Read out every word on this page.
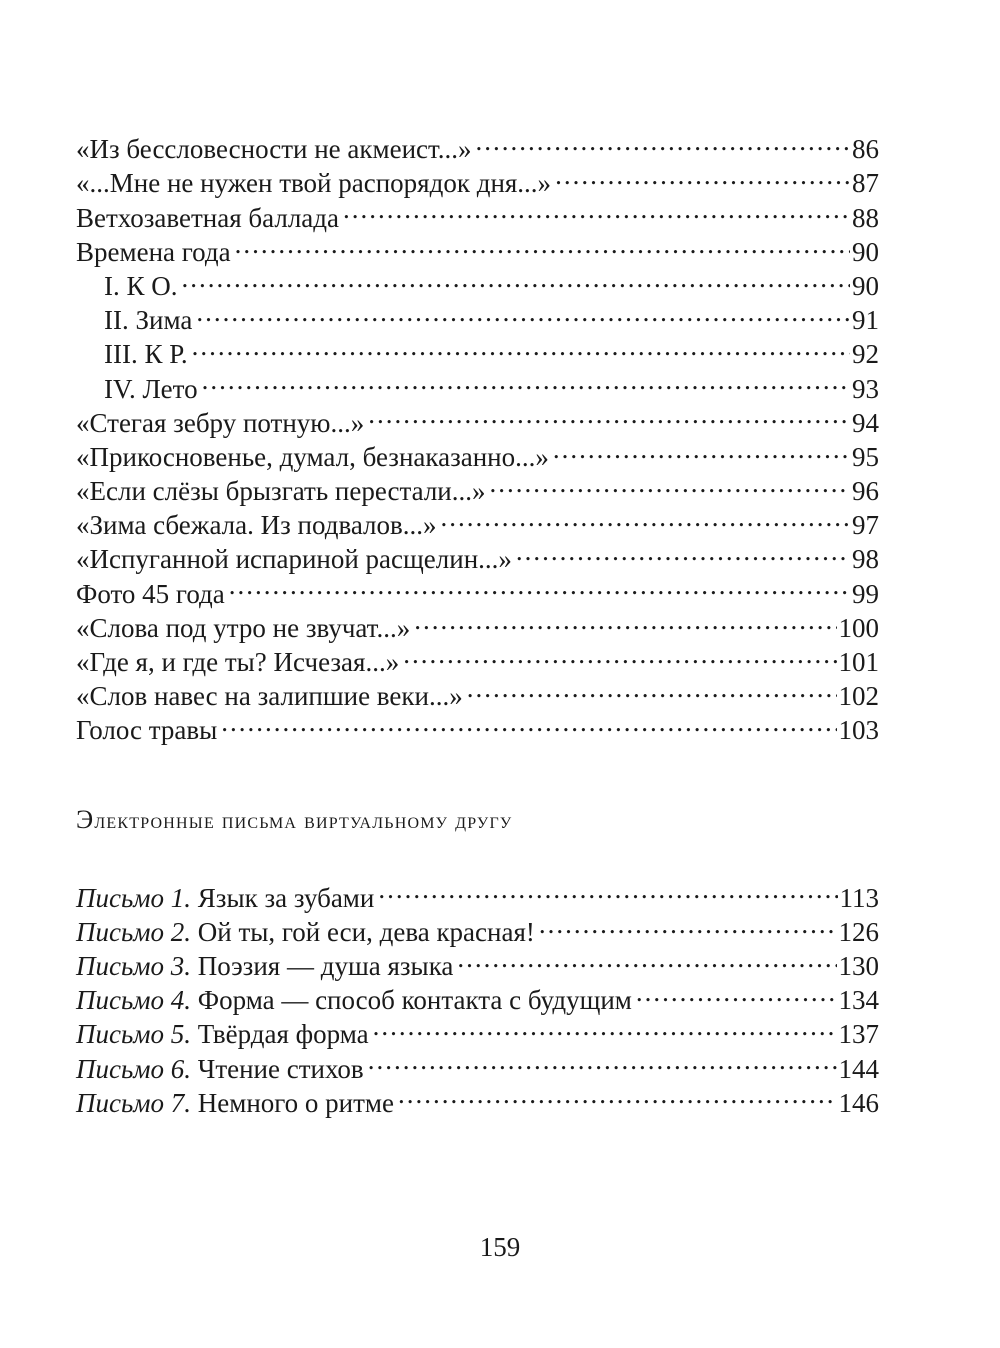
«Из бессловесности не акмеист...» .....	86
«...Мне не нужен твой распорядок дня...» .....	87
Ветхозаветная баллада .....	88
Времена года .....	90
I. К О. .....	90
II. Зима .....	91
III. К Р. .....	92
IV. Лето .....	93
«Стегая зебру потную...» .....	94
«Прикосновенье, думал, безнаказанно...» .....	95
«Если слёзы брызгать перестали...» .....	96
«Зима сбежала. Из подвалов...» .....	97
«Испуганной испариной расщелин...» .....	98
Фото 45 года .....	99
«Слова под утро не звучат...» .....	100
«Где я, и где ты? Исчезая...» .....	101
«Слов навес на залипшие веки...» .....	102
Голос травы .....	103
Электронные письма виртуальному другу
Письмо 1. Язык за зубами .....	113
Письмо 2. Ой ты, гой еси, дева красная! .....	126
Письмо 3. Поэзия — душа языка .....	130
Письмо 4. Форма — способ контакта с будущим .....	134
Письмо 5. Твёрдая форма .....	137
Письмо 6. Чтение стихов .....	144
Письмо 7. Немного о ритме .....	146
159
